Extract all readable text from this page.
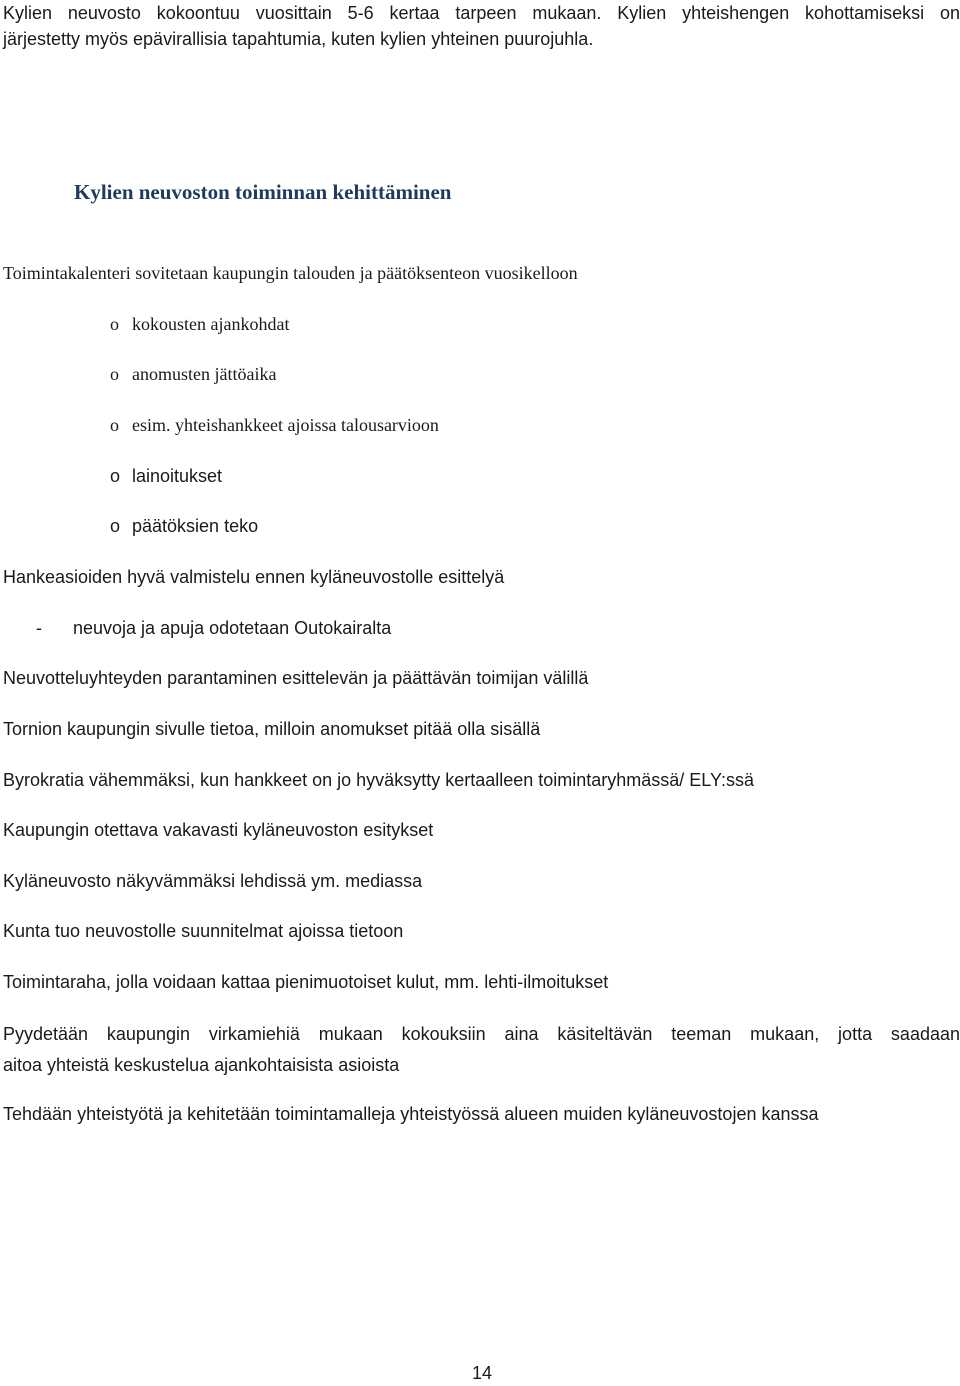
Kylien neuvosto kokoontuu vuosittain 5-6 kertaa tarpeen mukaan. Kylien yhteishengen kohottamiseksi on
järjestetty myös epävirallisia tapahtumia, kuten kylien yhteinen puurojuhla.
Kylien neuvoston toiminnan kehittäminen
Toimintakalenteri sovitetaan kaupungin talouden ja päätöksenteon vuosikelloon
o kokousten ajankohdat
o anomusten jättöaika
o esim. yhteishankkeet ajoissa talousarvioon
o lainoitukset
o päätöksien teko
Hankeasioiden hyvä valmistelu ennen kyläneuvostolle esittelyä
- neuvoja ja apuja odotetaan Outokairalta
Neuvotteluyhteyden parantaminen esittelevän ja päättävän toimijan välillä
Tornion kaupungin sivulle tietoa, milloin anomukset pitää olla sisällä
Byrokratia vähemmäksi, kun hankkeet on jo hyväksytty kertaalleen toimintaryhmässä/ ELY:ssä
Kaupungin otettava vakavasti kyläneuvoston esitykset
Kyläneuvosto näkyvämmäksi lehdissä ym. mediassa
Kunta tuo neuvostolle suunnitelmat ajoissa tietoon
Toimintaraha, jolla voidaan kattaa pienimuotoiset kulut, mm. lehti-ilmoitukset
Pyydetään kaupungin virkamiehiä mukaan kokouksiin aina käsiteltävän teeman mukaan, jotta saadaan
aitoa yhteistä keskustelua ajankohtaisista asioista
Tehdään yhteistyötä ja kehitetään toimintamalleja yhteistyössä alueen muiden kyläneuvostojen kanssa
14
